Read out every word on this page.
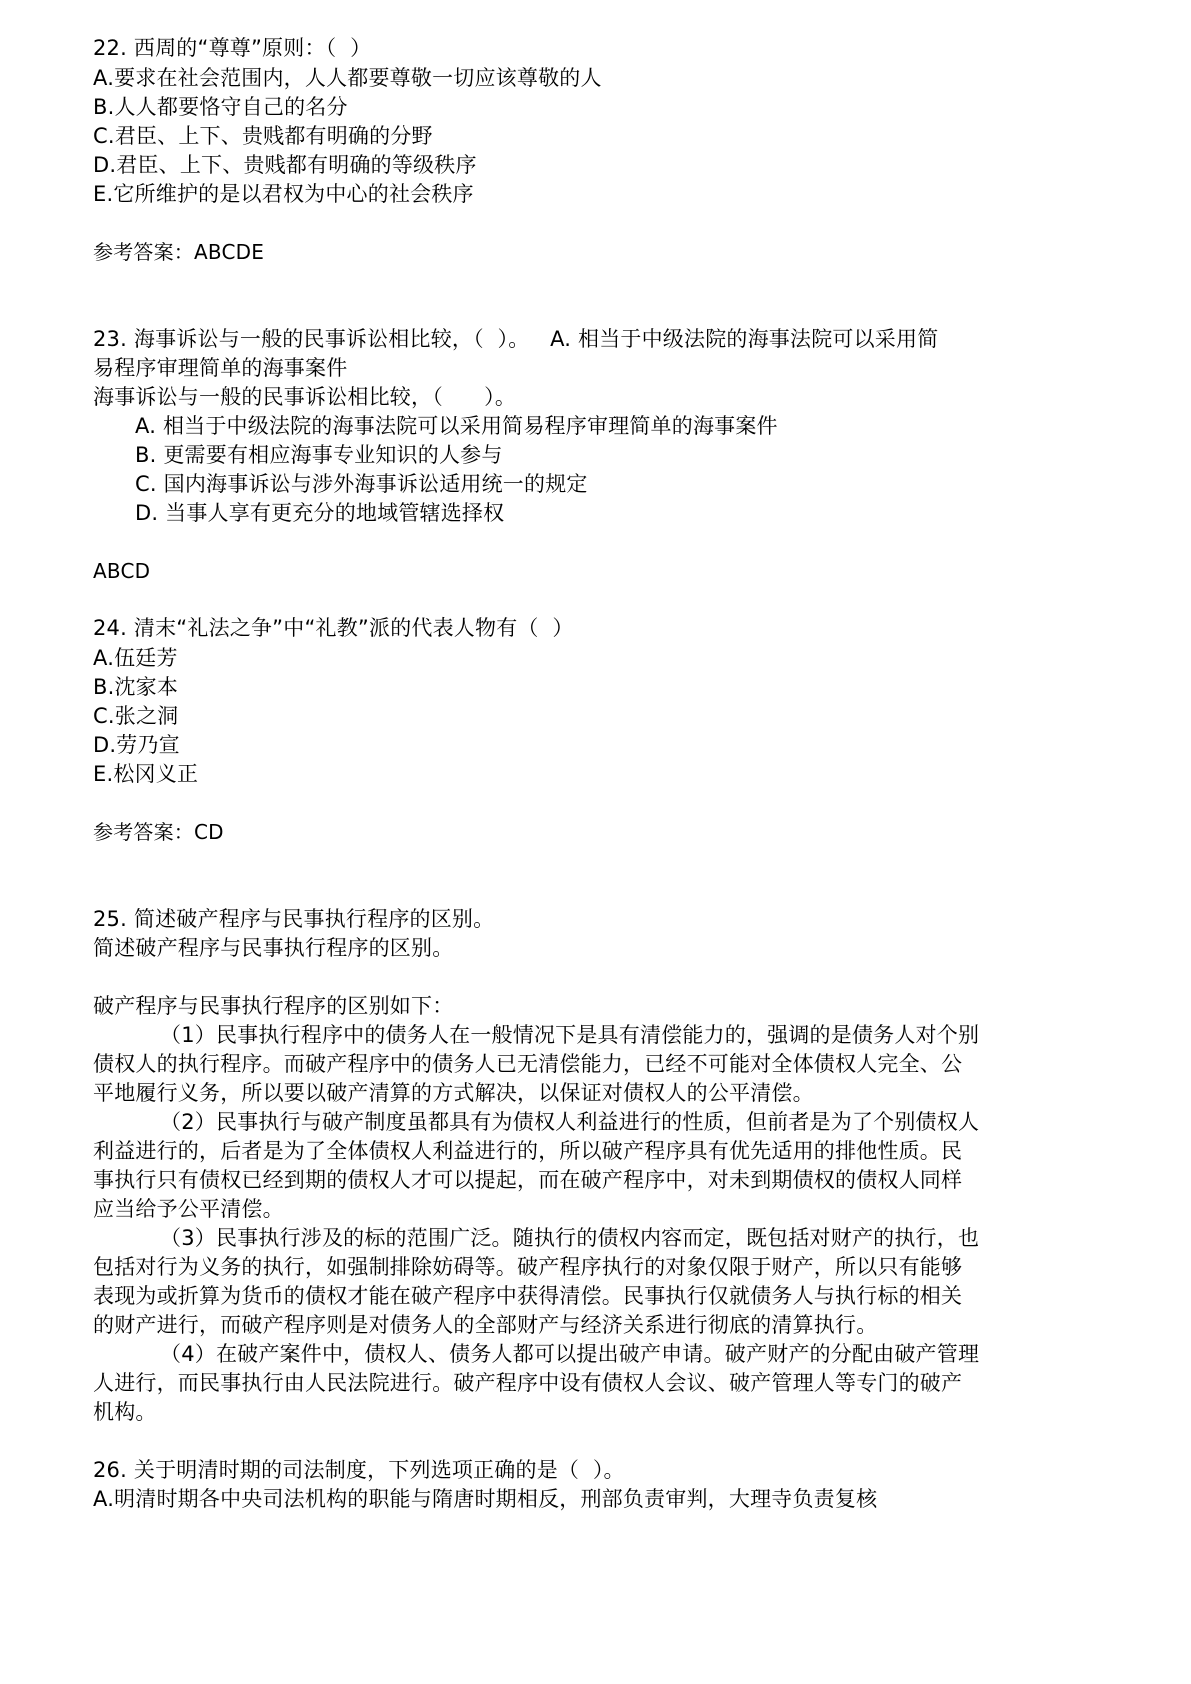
22. 西周的“尊尊”原则：（  ）
A.要求在社会范围内，人人都要尊敬一切应该尊敬的人
B.人人都要恪守自己的名分
C.君臣、上下、贵贱都有明确的分野
D.君臣、上下、贵贱都有明确的等级秩序
E.它所维护的是以君权为中心的社会秩序
参考答案：ABCDE
23. 海事诉讼与一般的民事诉讼相比较，（  ）。   A. 相当于中级法院的海事法院可以采用简
易程序审理简单的海事案件
海事诉讼与一般的民事诉讼相比较，（      ）。
A. 相当于中级法院的海事法院可以采用简易程序审理简单的海事案件
B. 更需要有相应海事专业知识的人参与
C. 国内海事诉讼与涉外海事诉讼适用统一的规定
D. 当事人享有更充分的地域管辖选择权
ABCD
24. 清末“礼法之争”中“礼教”派的代表人物有（  ）
A.伍廷芳
B.沈家本
C.张之洞
D.劳乃宣
E.松冈义正
参考答案：CD
25. 简述破产程序与民事执行程序的区别。
简述破产程序与民事执行程序的区别。
破产程序与民事执行程序的区别如下：
（1）民事执行程序中的债务人在一般情况下是具有清偿能力的，强调的是债务人对个别
债权人的执行程序。而破产程序中的债务人已无清偿能力，已经不可能对全体债权人完全、公
平地履行义务，所以要以破产清算的方式解决，以保证对债权人的公平清偿。
（2）民事执行与破产制度虽都具有为债权人利益进行的性质，但前者是为了个别债权人
利益进行的，后者是为了全体债权人利益进行的，所以破产程序具有优先适用的排他性质。民
事执行只有债权已经到期的债权人才可以提起，而在破产程序中，对未到期债权的债权人同样
应当给予公平清偿。
（3）民事执行涉及的标的范围广泛。随执行的债权内容而定，既包括对财产的执行，也
包括对行为义务的执行，如强制排除妨碍等。破产程序执行的对象仅限于财产，所以只有能够
表现为或折算为货币的债权才能在破产程序中获得清偿。民事执行仅就债务人与执行标的相关
的财产进行，而破产程序则是对债务人的全部财产与经济关系进行彻底的清算执行。
（4）在破产案件中，债权人、债务人都可以提出破产申请。破产财产的分配由破产管理
人进行，而民事执行由人民法院进行。破产程序中设有债权人会议、破产管理人等专门的破产
机构。
26. 关于明清时期的司法制度，下列选项正确的是（  ）。
A.明清时期各中央司法机构的职能与隋唐时期相反，刑部负责审判，大理寺负责复核
